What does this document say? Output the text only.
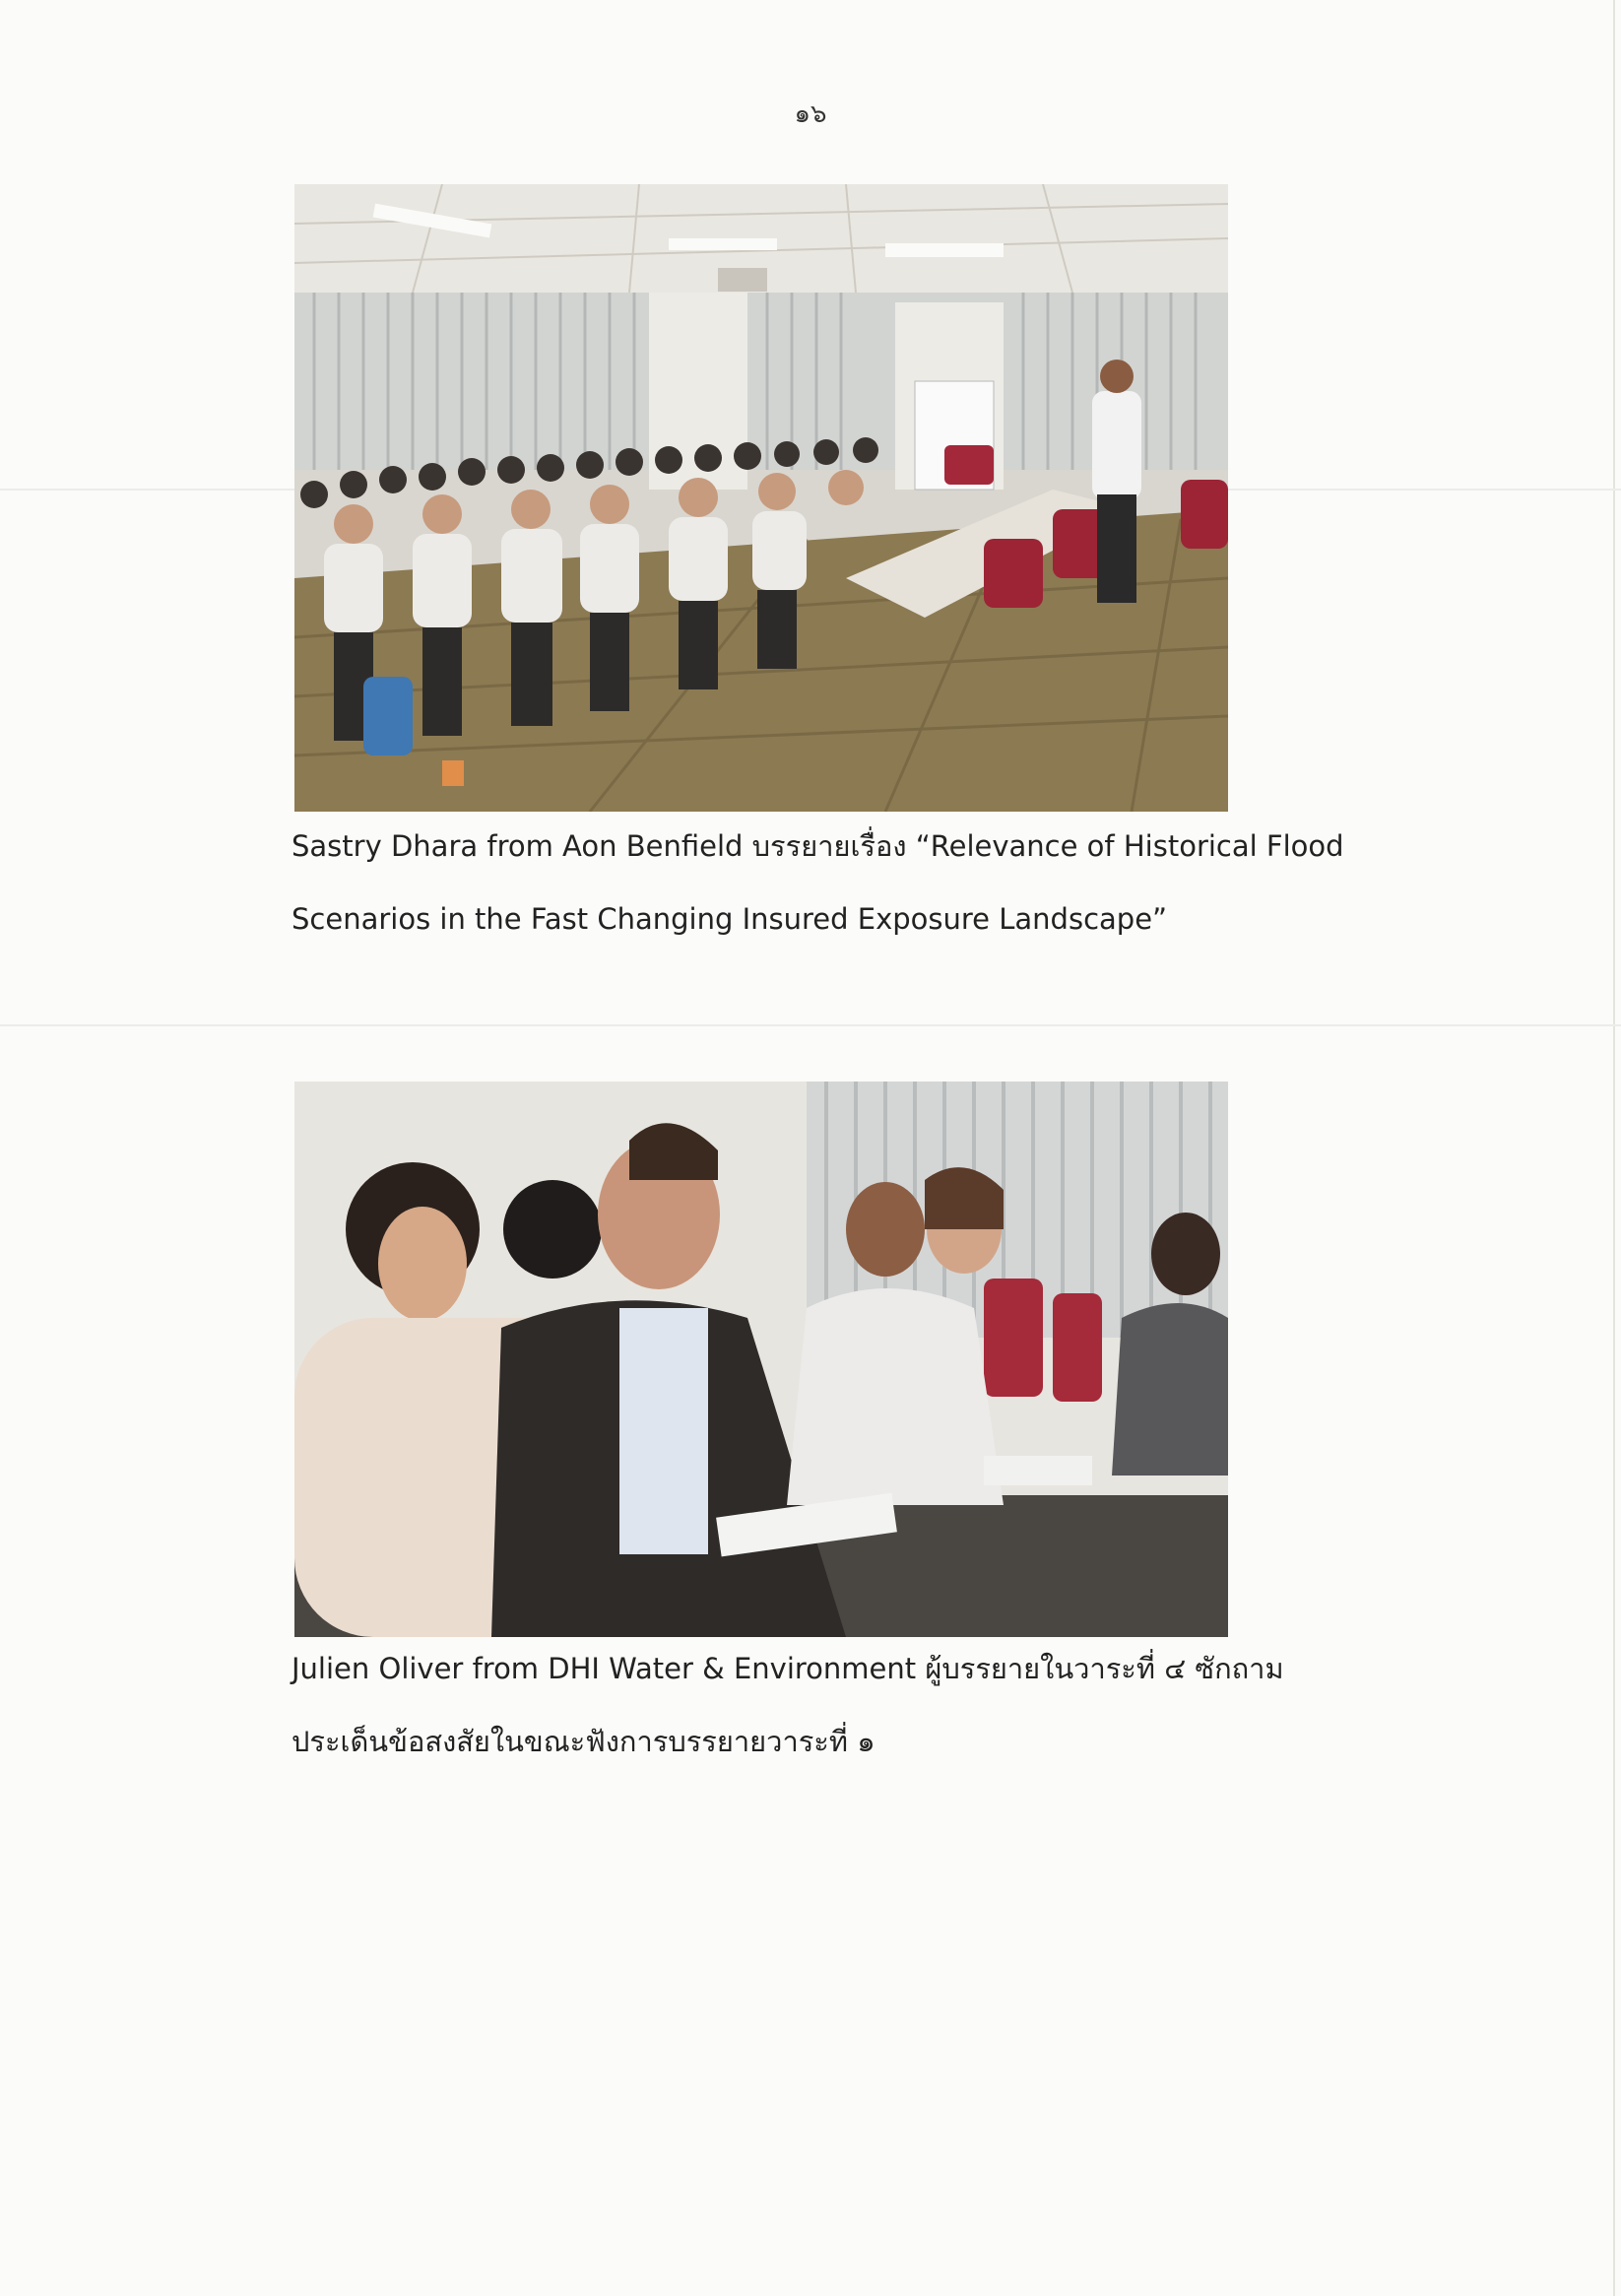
๑๖

Sastry Dhara from Aon Benfield บรรยายเรื่อง “Relevance of Historical Flood

Scenarios in the Fast Changing Insured Exposure Landscape”

Julien Oliver from DHI Water & Environment ผู้บรรยายในวาระที่ ๔ ซักถาม

ประเด็นข้อสงสัยในขณะฟังการบรรยายวาระที่ ๑
